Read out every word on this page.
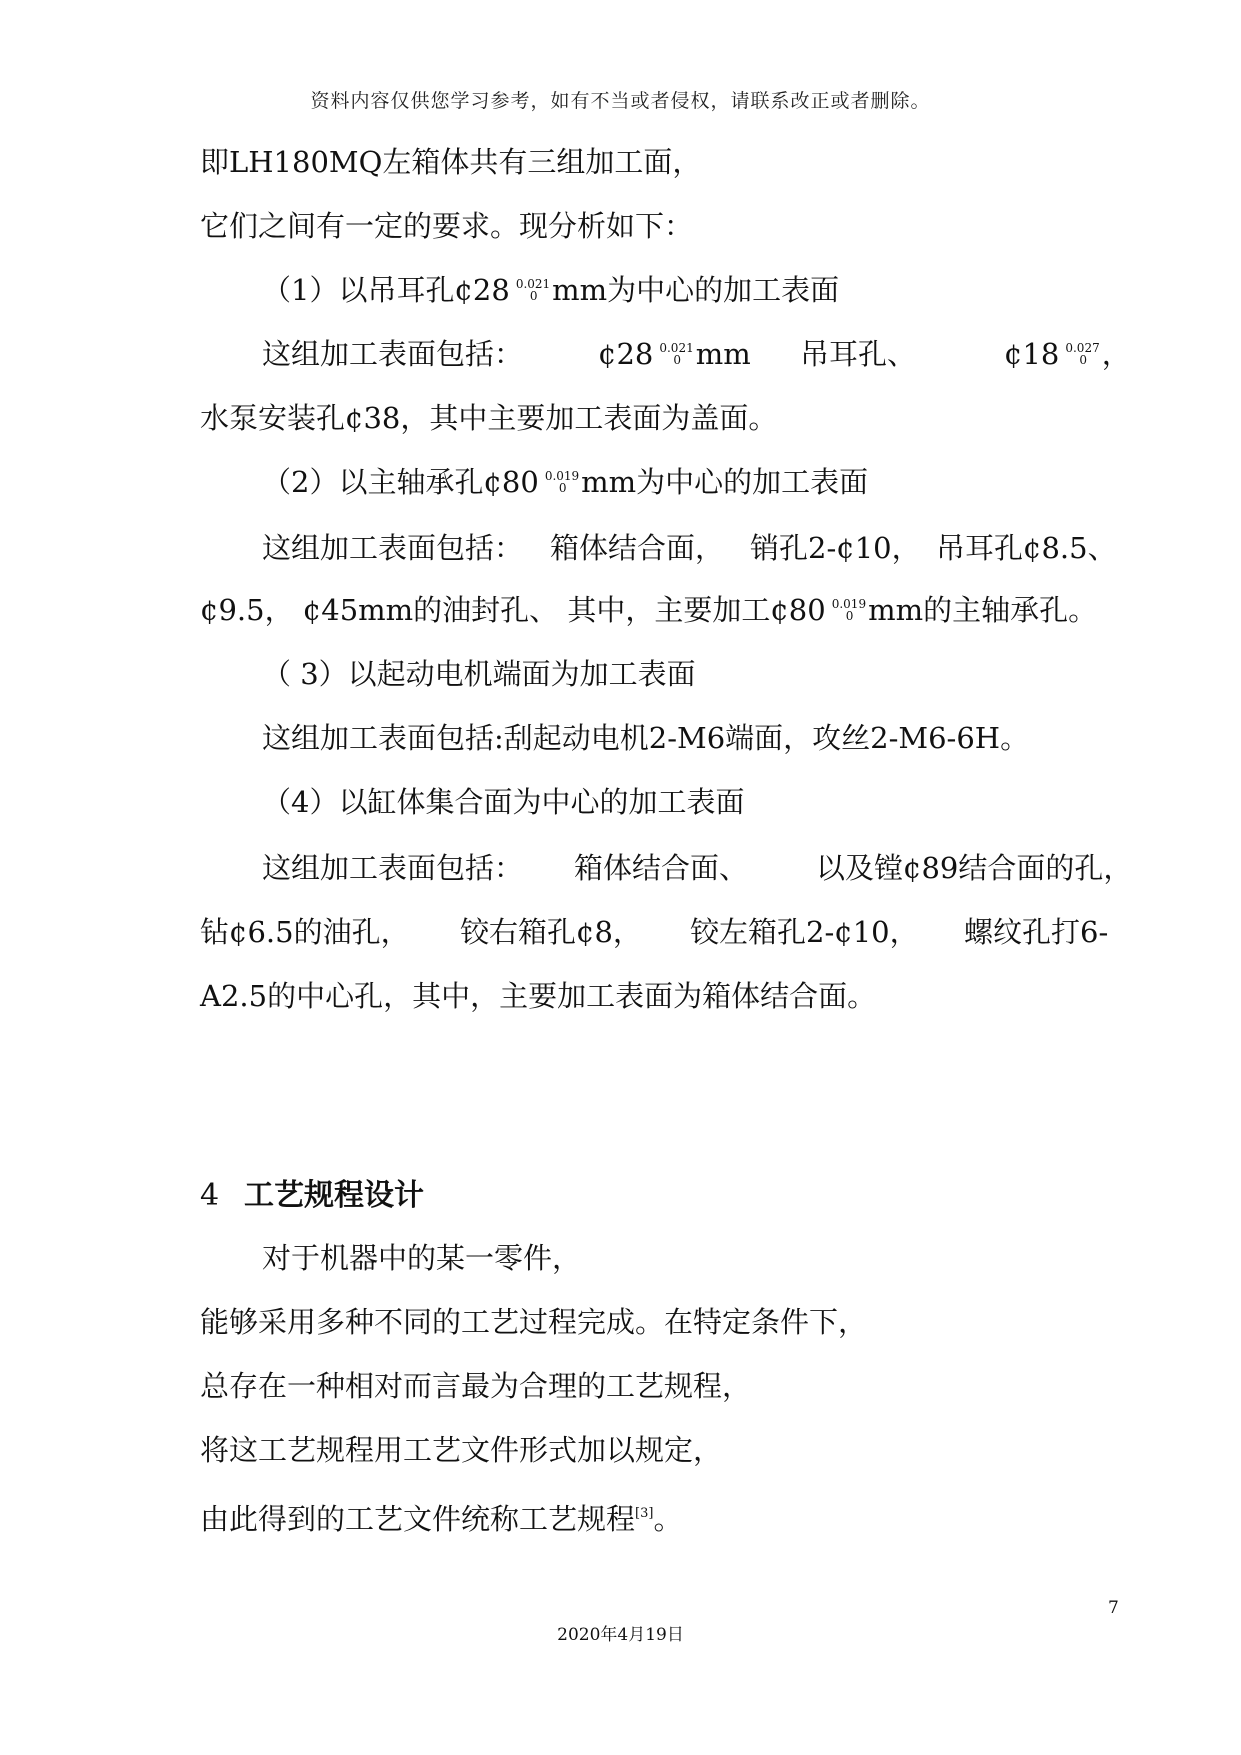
资料内容仅供您学习参考，如有不当或者侵权，请联系改正或者删除。
即LH180MQ左箱体共有三组加工面，
它们之间有一定的要求。现分析如下：
（1）以吊耳孔¢28 0.021
0 mm为中心的加工表面
这组加工表面包括：	¢28 0.021
0 mm 吊耳孔、	¢18 0.027
0 ，
水泵安装孔¢38，其中主要加工表面为盖面。
（2）以主轴承孔¢80 0.019
0 mm为中心的加工表面
这组加工表面包括： 箱体结合面， 销孔2-¢10， 吊耳孔¢8.5、
¢9.5， ¢45mm的油封孔、 其中，主要加工¢80 0.019
0 mm的主轴承孔。
（ 3）以起动电机端面为加工表面
这组加工表面包括:刮起动电机2-M6端面，攻丝2-M6-6H。
（4）以缸体集合面为中心的加工表面
这组加工表面包括： 箱体结合面、 以及镗¢89结合面的孔，
钻¢6.5的油孔， 铰右箱孔¢8， 铰左箱孔2-¢10， 螺纹孔打6-
A2.5的中心孔，其中，主要加工表面为箱体结合面。
4 工艺规程设计
对于机器中的某一零件，
能够采用多种不同的工艺过程完成。在特定条件下，
总存在一种相对而言最为合理的工艺规程，
将这工艺规程用工艺文件形式加以规定，
由此得到的工艺文件统称工艺规程[3]。
7
2020年4月19日
